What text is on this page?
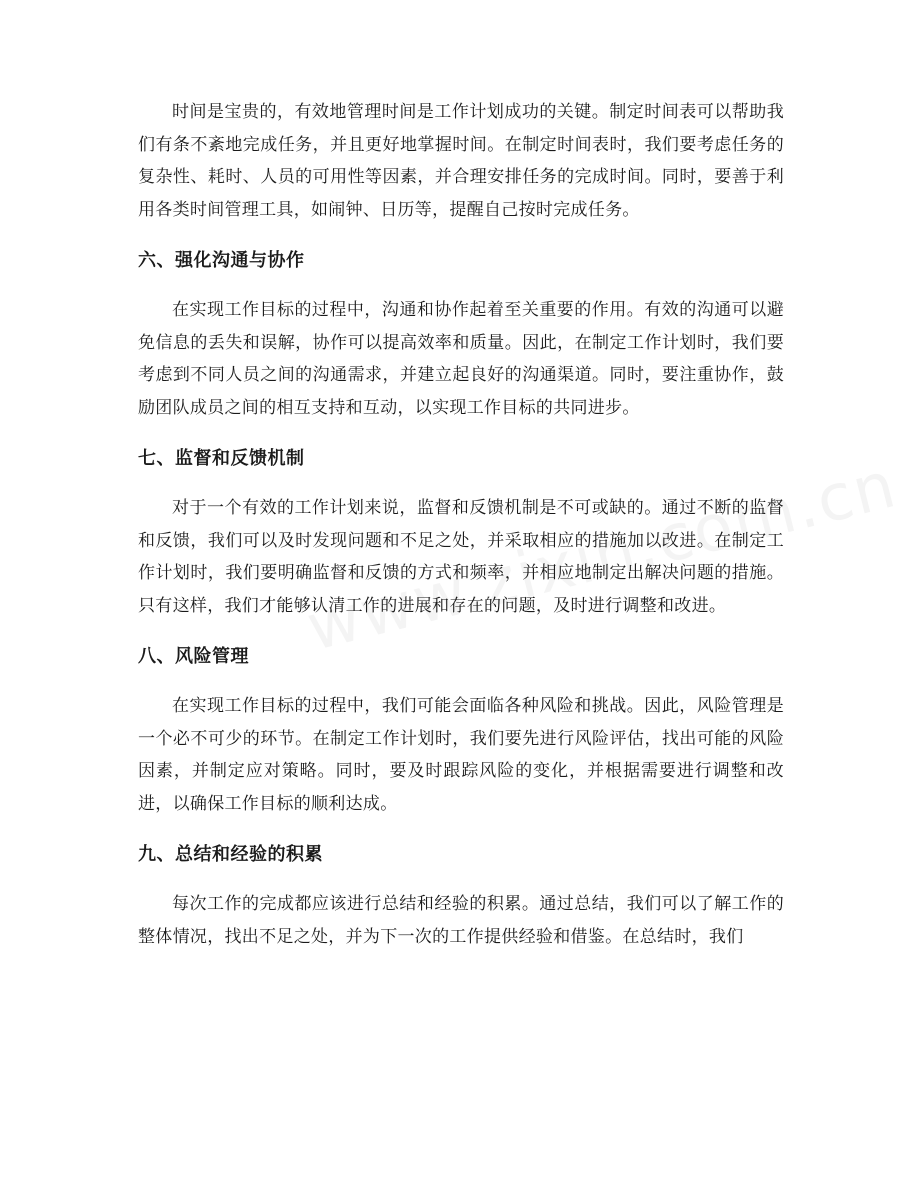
时间是宝贵的，有效地管理时间是工作计划成功的关键。制定时间表可以帮助我们有条不紊地完成任务，并且更好地掌握时间。在制定时间表时，我们要考虑任务的复杂性、耗时、人员的可用性等因素，并合理安排任务的完成时间。同时，要善于利用各类时间管理工具，如闹钟、日历等，提醒自己按时完成任务。

六、强化沟通与协作

在实现工作目标的过程中，沟通和协作起着至关重要的作用。有效的沟通可以避免信息的丢失和误解，协作可以提高效率和质量。因此，在制定工作计划时，我们要考虑到不同人员之间的沟通需求，并建立起良好的沟通渠道。同时，要注重协作，鼓励团队成员之间的相互支持和互动，以实现工作目标的共同进步。

七、监督和反馈机制

对于一个有效的工作计划来说，监督和反馈机制是不可或缺的。通过不断的监督和反馈，我们可以及时发现问题和不足之处，并采取相应的措施加以改进。在制定工作计划时，我们要明确监督和反馈的方式和频率，并相应地制定出解决问题的措施。只有这样，我们才能够认清工作的进展和存在的问题，及时进行调整和改进。

八、风险管理

在实现工作目标的过程中，我们可能会面临各种风险和挑战。因此，风险管理是一个必不可少的环节。在制定工作计划时，我们要先进行风险评估，找出可能的风险因素，并制定应对策略。同时，要及时跟踪风险的变化，并根据需要进行调整和改进，以确保工作目标的顺利达成。

九、总结和经验的积累

每次工作的完成都应该进行总结和经验的积累。通过总结，我们可以了解工作的整体情况，找出不足之处，并为下一次的工作提供经验和借鉴。在总结时，我们
